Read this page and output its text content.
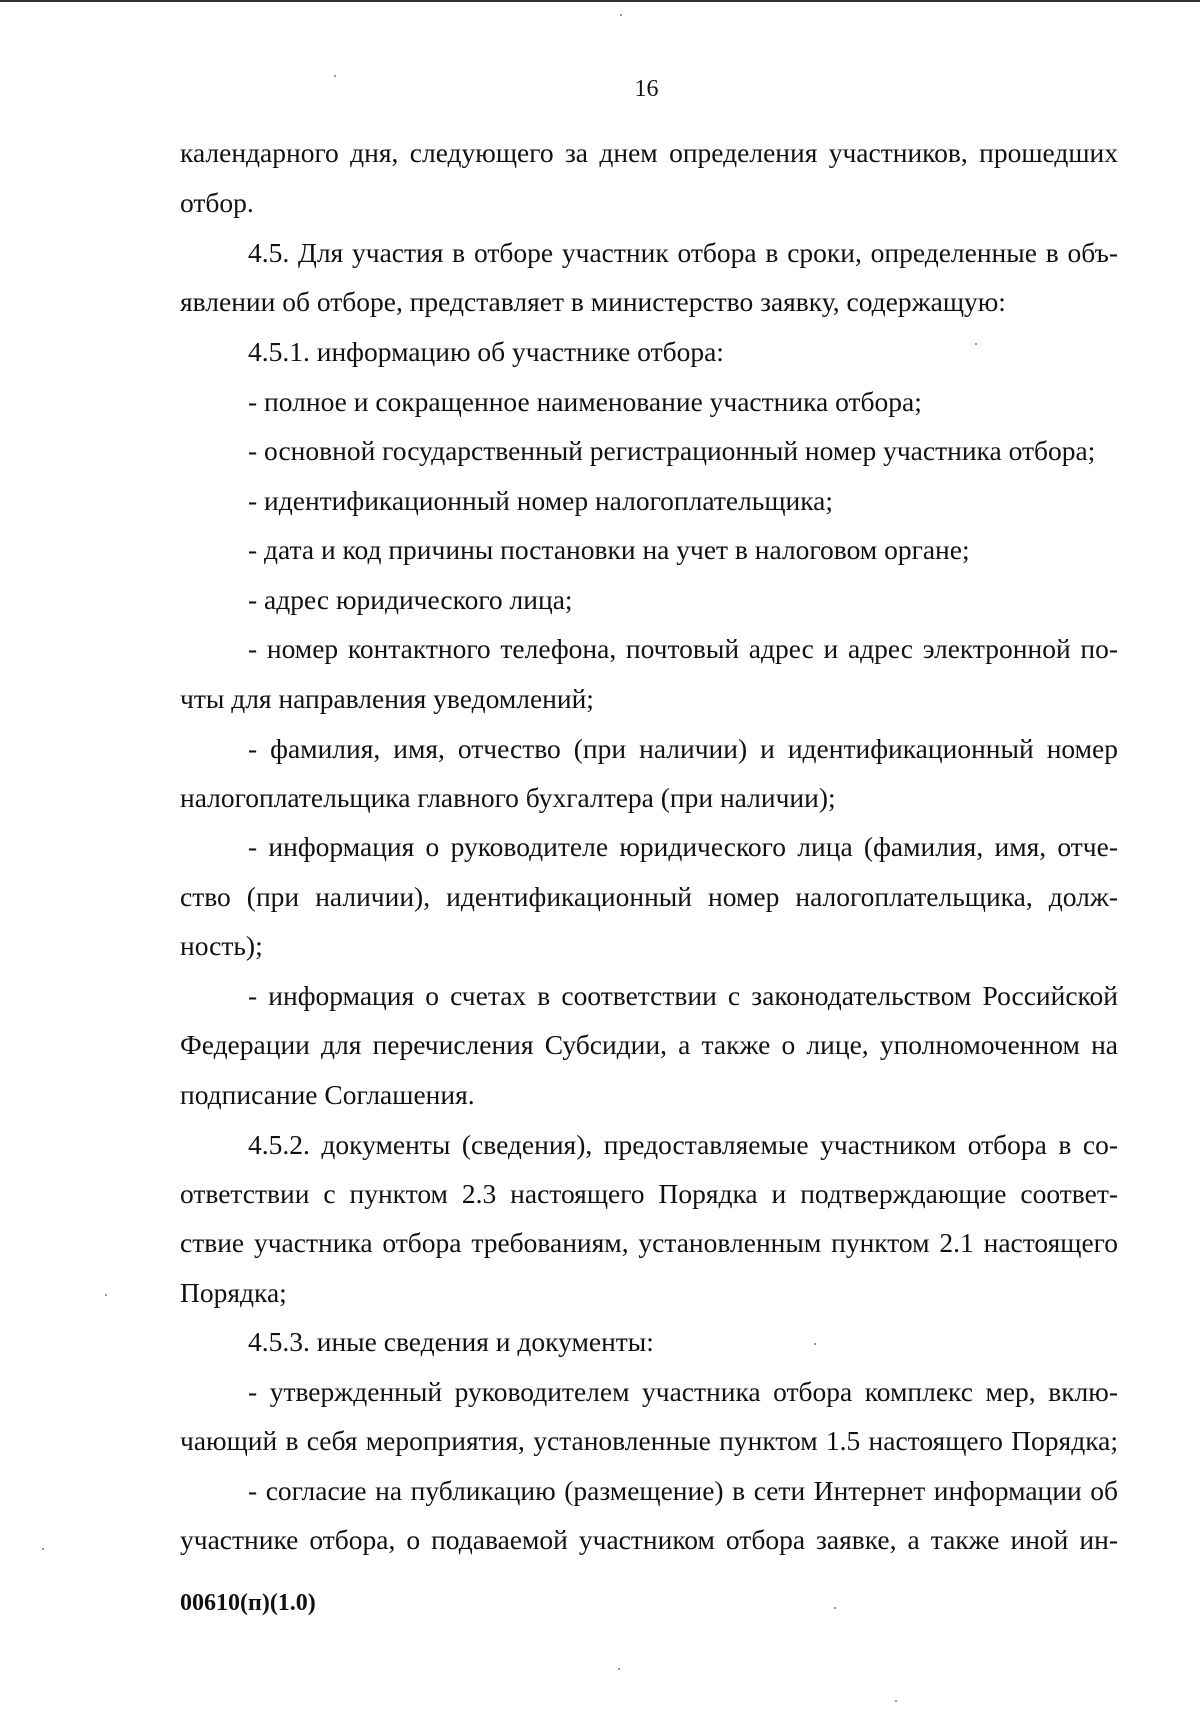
16
календарного дня, следующего за днем определения участников, прошедших
отбор.
4.5. Для участия в отборе участник отбора в сроки, определенные в объ-
явлении об отборе, представляет в министерство заявку, содержащую:
4.5.1. информацию об участнике отбора:
- полное и сокращенное наименование участника отбора;
- основной государственный регистрационный номер участника отбора;
- идентификационный номер налогоплательщика;
- дата и код причины постановки на учет в налоговом органе;
- адрес юридического лица;
- номер контактного телефона, почтовый адрес и адрес электронной по-
чты для направления уведомлений;
- фамилия, имя, отчество (при наличии) и идентификационный номер
налогоплательщика главного бухгалтера (при наличии);
- информация о руководителе юридического лица (фамилия, имя, отче-
ство (при наличии), идентификационный номер налогоплательщика, долж-
ность);
- информация о счетах в соответствии с законодательством Российской
Федерации для перечисления Субсидии, а также о лице, уполномоченном на
подписание Соглашения.
4.5.2. документы (сведения), предоставляемые участником отбора в со-
ответствии с пунктом 2.3 настоящего Порядка и подтверждающие соответ-
ствие участника отбора требованиям, установленным пунктом 2.1 настоящего
Порядка;
4.5.3. иные сведения и документы:
- утвержденный руководителем участника отбора комплекс мер, вклю-
чающий в себя мероприятия, установленные пунктом 1.5 настоящего Порядка;
- согласие на публикацию (размещение) в сети Интернет информации об
участнике отбора, о подаваемой участником отбора заявке, а также иной ин-
00610(п)(1.0)
